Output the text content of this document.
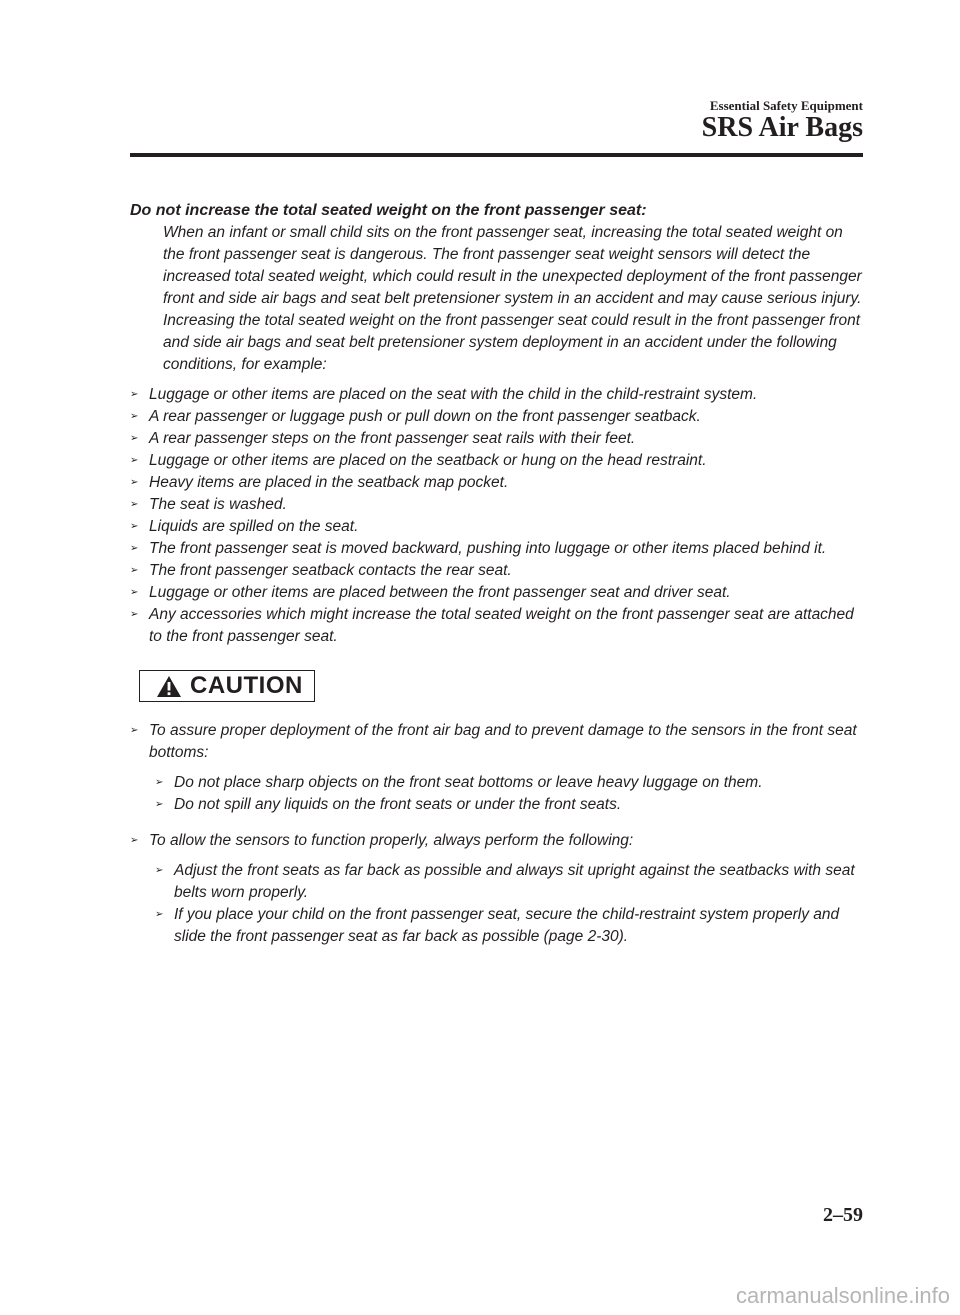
Essential Safety Equipment
SRS Air Bags

Do not increase the total seated weight on the front passenger seat:

When an infant or small child sits on the front passenger seat, increasing the total seated weight on the front passenger seat is dangerous. The front passenger seat weight sensors will detect the increased total seated weight, which could result in the unexpected deployment of the front passenger front and side air bags and seat belt pretensioner system in an accident and may cause serious injury. Increasing the total seated weight on the front passenger seat could result in the front passenger front and side air bags and seat belt pretensioner system deployment in an accident under the following conditions, for example:

➢ Luggage or other items are placed on the seat with the child in the child-restraint system.
➢ A rear passenger or luggage push or pull down on the front passenger seatback.
➢ A rear passenger steps on the front passenger seat rails with their feet.
➢ Luggage or other items are placed on the seatback or hung on the head restraint.
➢ Heavy items are placed in the seatback map pocket.
➢ The seat is washed.
➢ Liquids are spilled on the seat.
➢ The front passenger seat is moved backward, pushing into luggage or other items placed behind it.
➢ The front passenger seatback contacts the rear seat.
➢ Luggage or other items are placed between the front passenger seat and driver seat.
➢ Any accessories which might increase the total seated weight on the front passenger seat are attached to the front passenger seat.
CAUTION
➢ To assure proper deployment of the front air bag and to prevent damage to the sensors in the front seat bottoms:
➢ Do not place sharp objects on the front seat bottoms or leave heavy luggage on them.
➢ Do not spill any liquids on the front seats or under the front seats.
➢ To allow the sensors to function properly, always perform the following:
➢ Adjust the front seats as far back as possible and always sit upright against the seatbacks with seat belts worn properly.
➢ If you place your child on the front passenger seat, secure the child-restraint system properly and slide the front passenger seat as far back as possible (page 2-30).
2–59
carmanualsonline.info
